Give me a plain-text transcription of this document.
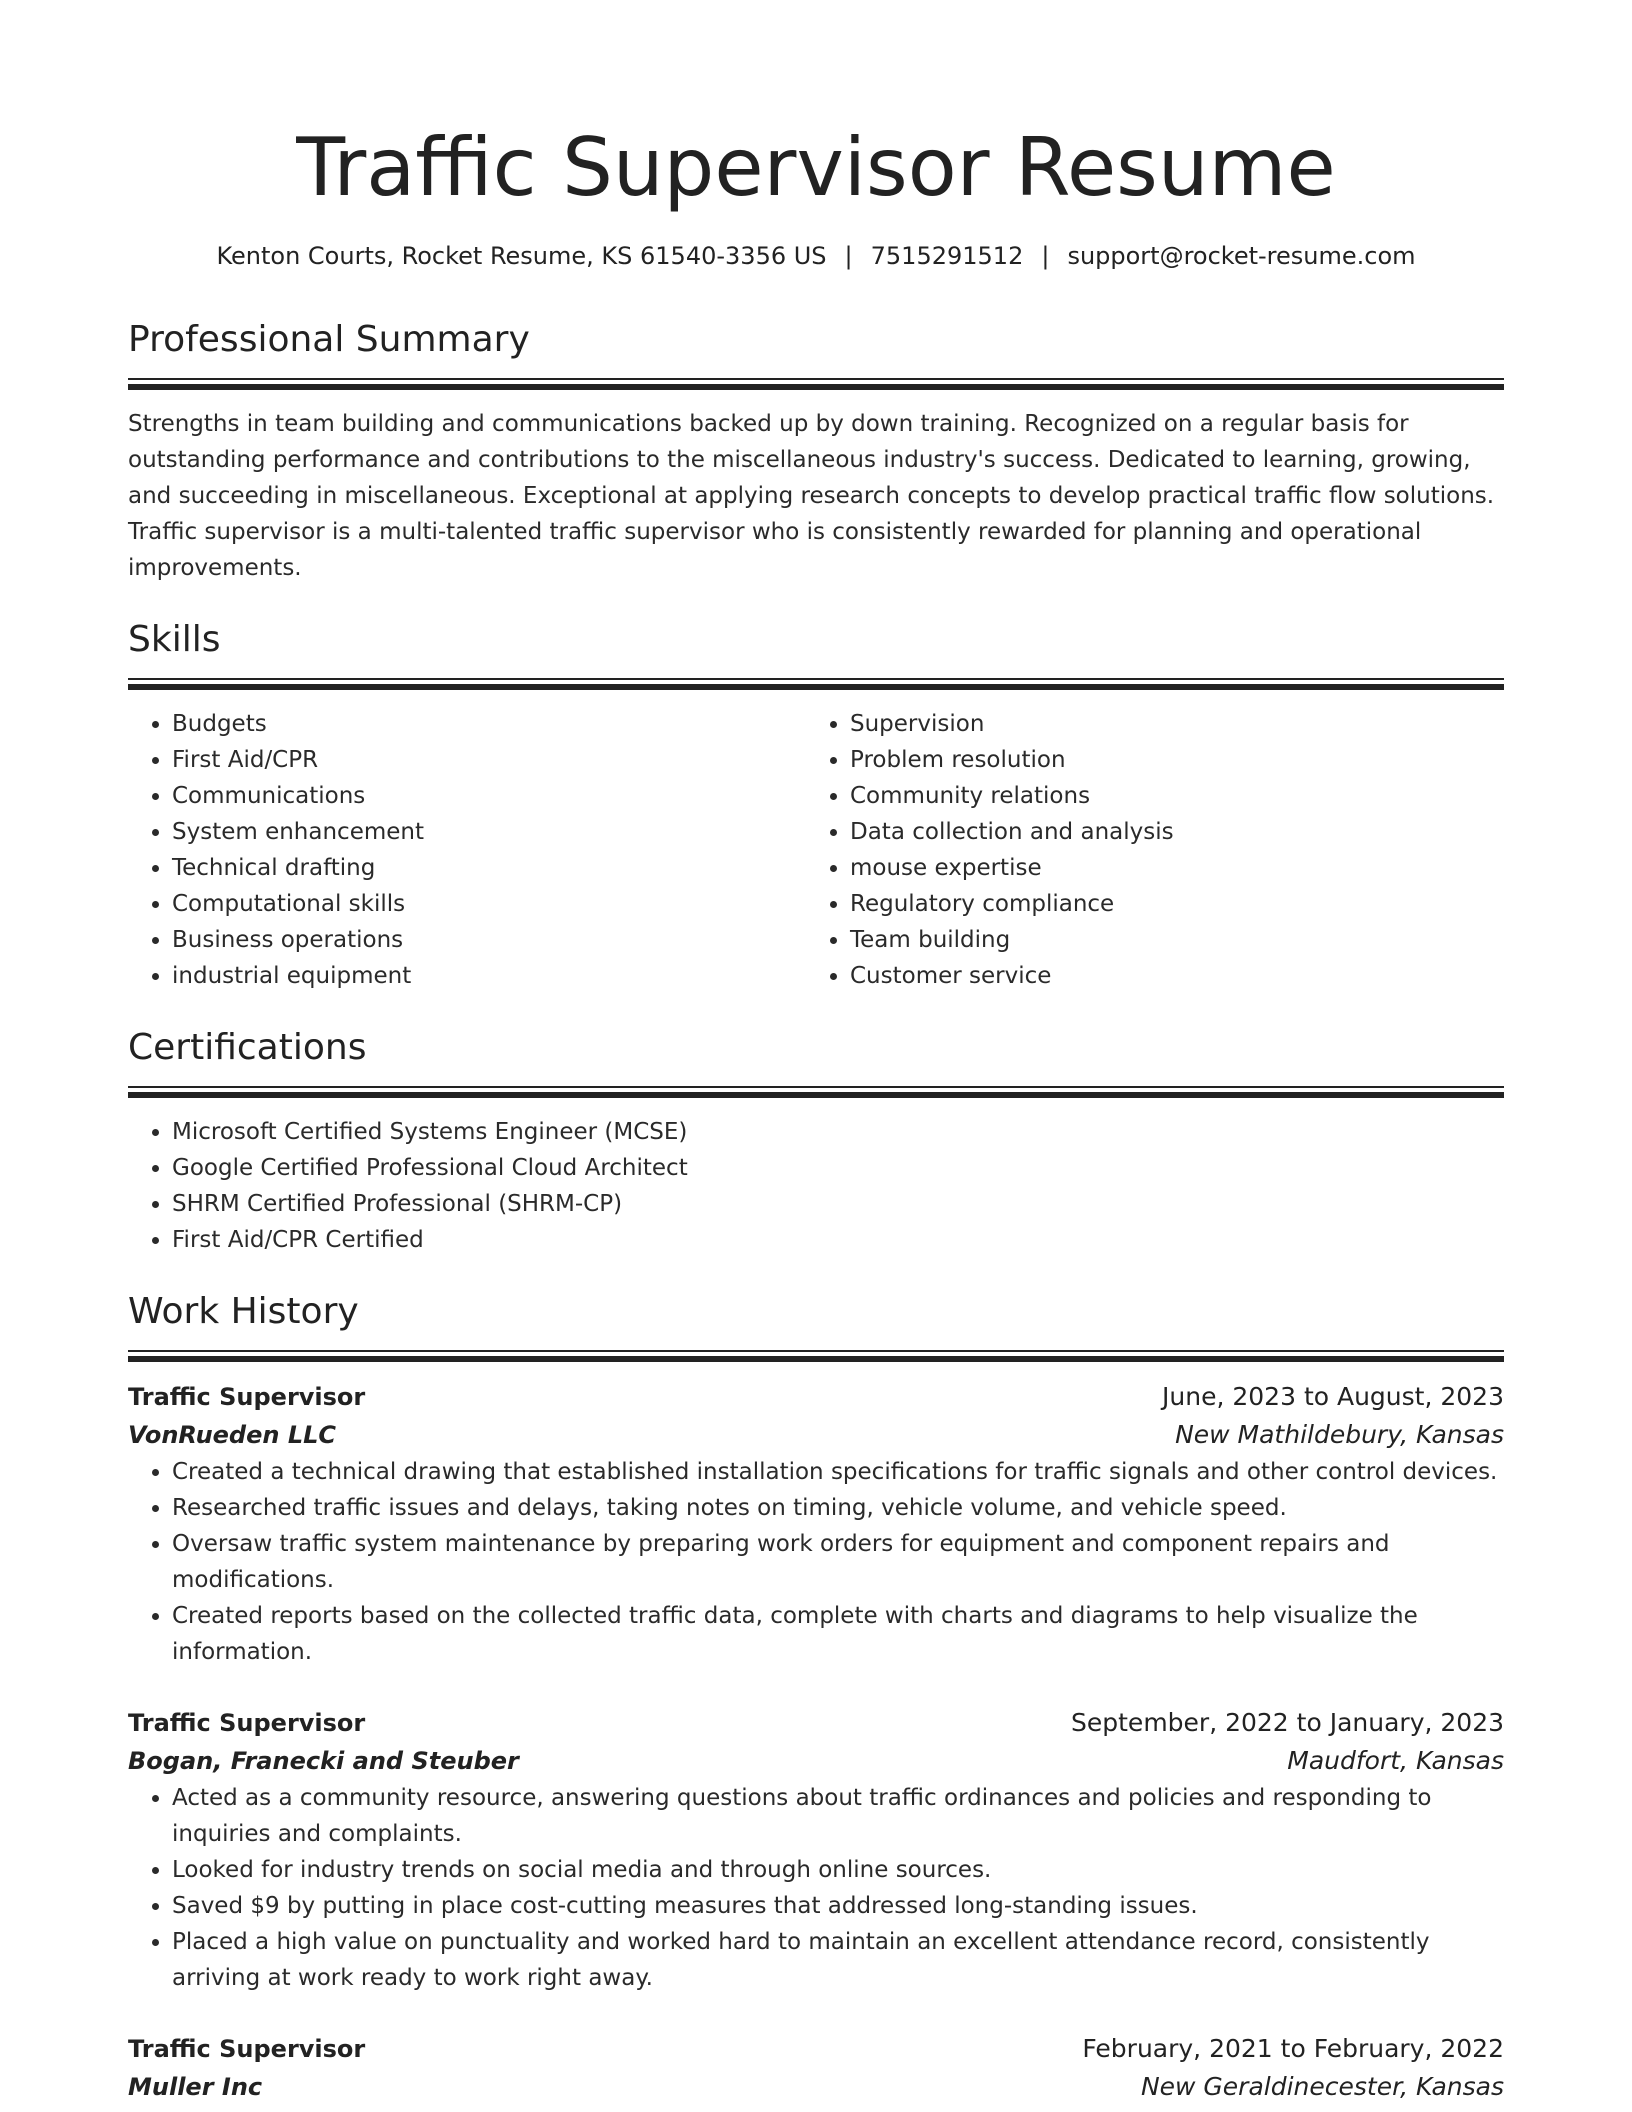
Traffic Supervisor Resume
Kenton Courts, Rocket Resume, KS 61540-3356 US | 7515291512 | support@rocket-resume.com
Professional Summary

Strengths in team building and communications backed up by down training. Recognized on a regular basis for outstanding performance and contributions to the miscellaneous industry's success. Dedicated to learning, growing, and succeeding in miscellaneous. Exceptional at applying research concepts to develop practical traffic flow solutions. Traffic supervisor is a multi-talented traffic supervisor who is consistently rewarded for planning and operational improvements.

Skills
• Budgets
• First Aid/CPR
• Communications
• System enhancement
• Technical drafting
• Computational skills
• Business operations
• industrial equipment
• Supervision
• Problem resolution
• Community relations
• Data collection and analysis
• mouse expertise
• Regulatory compliance
• Team building
• Customer service
Certifications
• Microsoft Certified Systems Engineer (MCSE)
• Google Certified Professional Cloud Architect
• SHRM Certified Professional (SHRM-CP)
• First Aid/CPR Certified
Work History
Traffic Supervisor	June, 2023 to August, 2023
VonRueden LLC	New Mathildebury, Kansas
• Created a technical drawing that established installation specifications for traffic signals and other control devices.
• Researched traffic issues and delays, taking notes on timing, vehicle volume, and vehicle speed.
• Oversaw traffic system maintenance by preparing work orders for equipment and component repairs and modifications.
• Created reports based on the collected traffic data, complete with charts and diagrams to help visualize the information.
Traffic Supervisor	September, 2022 to January, 2023
Bogan, Franecki and Steuber	Maudfort, Kansas
• Acted as a community resource, answering questions about traffic ordinances and policies and responding to inquiries and complaints.
• Looked for industry trends on social media and through online sources.
• Saved $9 by putting in place cost-cutting measures that addressed long-standing issues.
• Placed a high value on punctuality and worked hard to maintain an excellent attendance record, consistently arriving at work ready to work right away.
Traffic Supervisor	February, 2021 to February, 2022
Muller Inc	New Geraldinecester, Kansas
